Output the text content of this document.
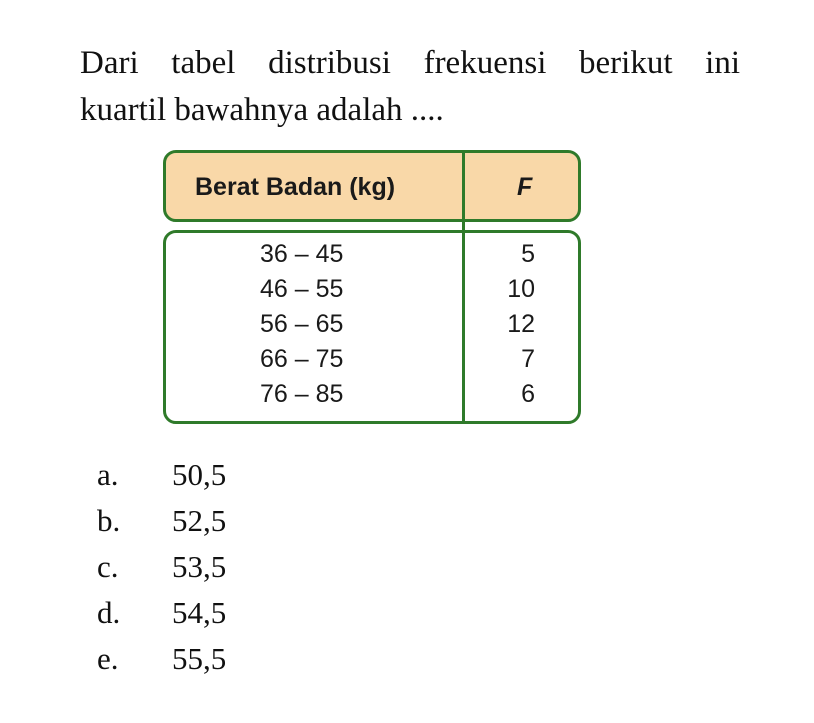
Dari tabel distribusi frekuensi berikut ini
kuartil bawahnya adalah ....

Berat Badan (kg)	F
36 – 45	5
46 – 55	10
56 – 65	12
66 – 75	7
76 – 85	6
a. 50,5
b. 52,5
c. 53,5
d. 54,5
e. 55,5
